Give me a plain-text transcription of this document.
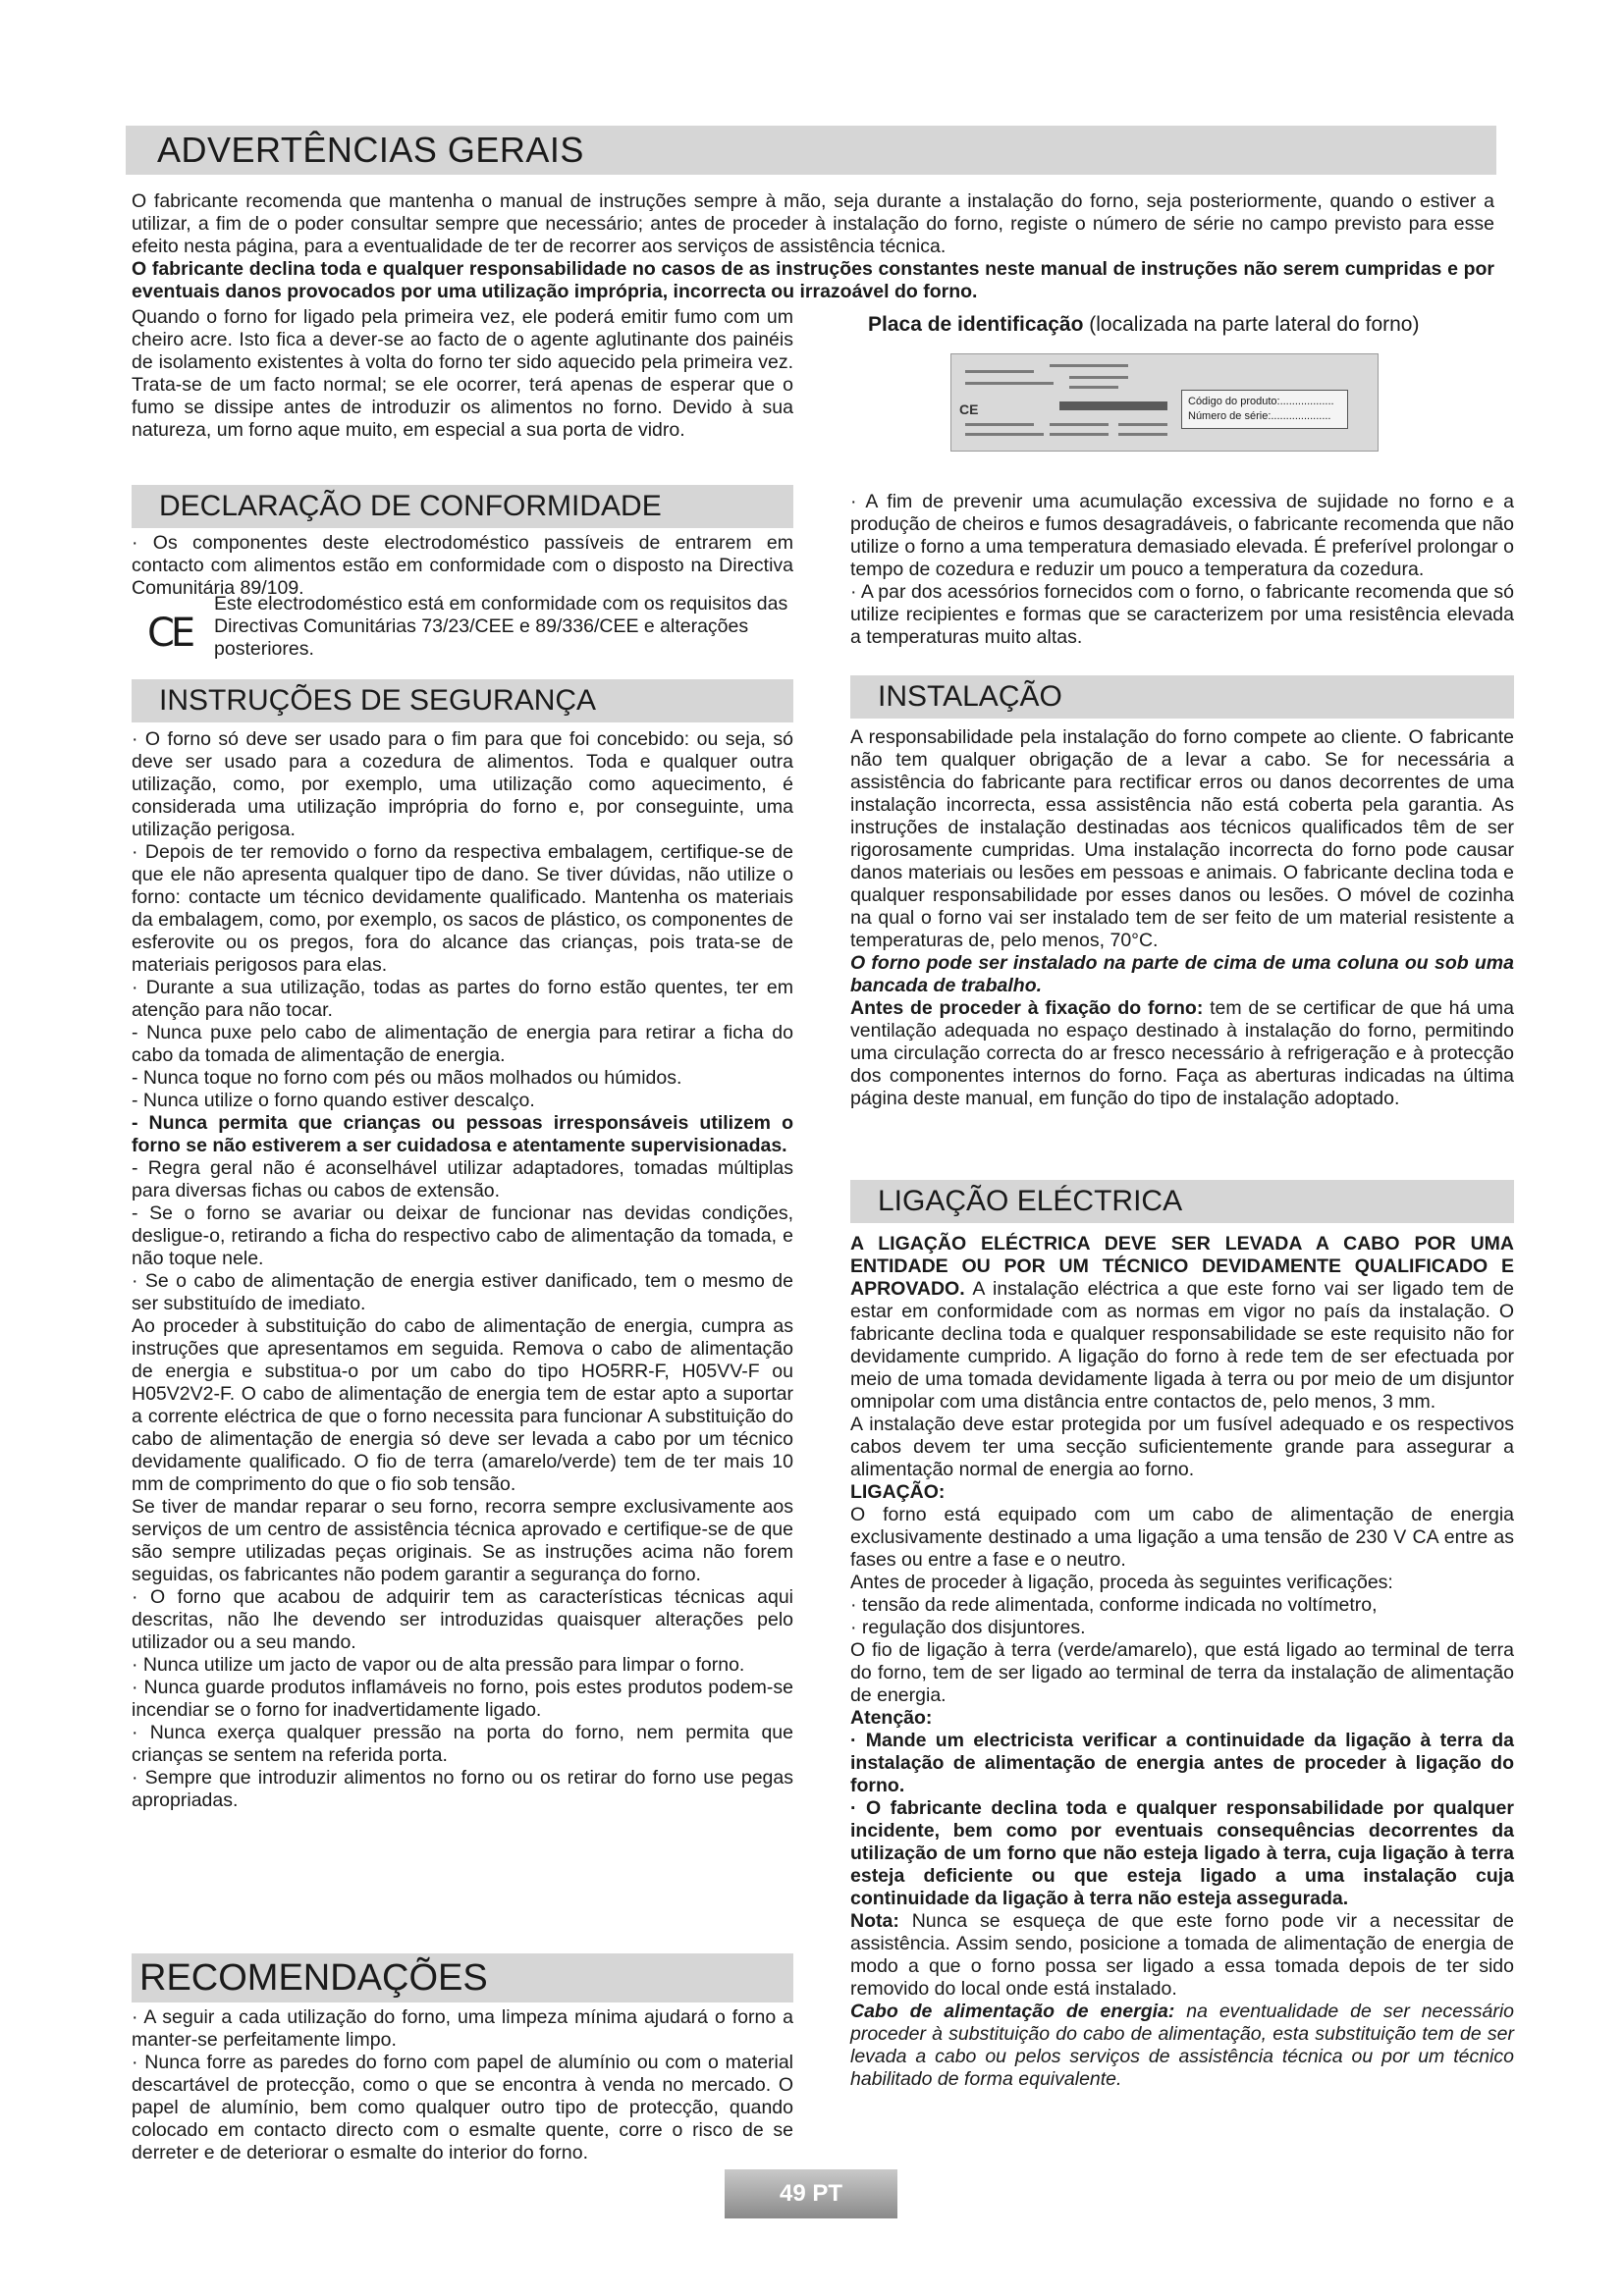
ADVERTÊNCIAS GERAIS

O fabricante recomenda que mantenha o manual de instruções sempre à mão, seja durante a instalação do forno, seja posteriormente, quando o estiver a utilizar, a fim de o poder consultar sempre que necessário; antes de proceder à instalação do forno, registe o número de série no campo previsto para esse efeito nesta página, para a eventualidade de ter de recorrer aos serviços de assistência técnica.

O fabricante declina toda e qualquer responsabilidade no casos de as instruções constantes neste manual de instruções não serem cumpridas e por eventuais danos provocados por uma utilização imprópria, incorrecta ou irrazoável do forno.

Quando o forno for ligado pela primeira vez, ele poderá emitir fumo com um cheiro acre. Isto fica a dever-se ao facto de o agente aglutinante dos painéis de isolamento existentes à volta do forno ter sido aquecido pela primeira vez. Trata-se de um facto normal; se ele ocorrer, terá apenas de esperar que o fumo se dissipe antes de introduzir os alimentos no forno. Devido à sua natureza, um forno aque muito, em especial a sua porta de vidro.

Placa de identificação (localizada na parte lateral do forno)
CE	Código do produto:..................
Número de série:....................
DECLARAÇÃO DE CONFORMIDADE

· Os componentes deste electrodoméstico passíveis de entrarem em contacto com alimentos estão em conformidade com o disposto na Directiva Comunitária 89/109.

CE

Este electrodoméstico está em conformidade com os requisitos das Directivas Comunitárias 73/23/CEE e 89/336/CEE e alterações posteriores.

INSTRUÇÕES DE SEGURANÇA

· O forno só deve ser usado para o fim para que foi concebido: ou seja, só deve ser usado para a cozedura de alimentos. Toda e qualquer outra utilização, como, por exemplo, uma utilização como aquecimento, é considerada uma utilização imprópria do forno e, por conseguinte, uma utilização perigosa.

· Depois de ter removido o forno da respectiva embalagem, certifique-se de que ele não apresenta qualquer tipo de dano. Se tiver dúvidas, não utilize o forno: contacte um técnico devidamente qualificado. Mantenha os materiais da embalagem, como, por exemplo, os sacos de plástico, os componentes de esferovite ou os pregos, fora do alcance das crianças, pois trata-se de materiais perigosos para elas.

· Durante a sua utilização, todas as partes do forno estão quentes, ter em atenção para não tocar.

- Nunca puxe pelo cabo de alimentação de energia para retirar a ficha do cabo da tomada de alimentação de energia.

- Nunca toque no forno com pés ou mãos molhados ou húmidos.

- Nunca utilize o forno quando estiver descalço.

- Nunca permita que crianças ou pessoas irresponsáveis utilizem o forno se não estiverem a ser cuidadosa e atentamente supervisionadas.

- Regra geral não é aconselhável utilizar adaptadores, tomadas múltiplas para diversas fichas ou cabos de extensão.

- Se o forno se avariar ou deixar de funcionar nas devidas condições, desligue-o, retirando a ficha do respectivo cabo de alimentação da tomada, e não toque nele.

· Se o cabo de alimentação de energia estiver danificado, tem o mesmo de ser substituído de imediato.

Ao proceder à substituição do cabo de alimentação de energia, cumpra as instruções que apresentamos em seguida. Remova o cabo de alimentação de energia e substitua-o por um cabo do tipo HO5RR-F, H05VV-F ou H05V2V2-F. O cabo de alimentação de energia tem de estar apto a suportar a corrente eléctrica de que o forno necessita para funcionar A substituição do cabo de alimentação de energia só deve ser levada a cabo por um técnico devidamente qualificado. O fio de terra (amarelo/verde) tem de ter mais 10 mm de comprimento do que o fio sob tensão.

Se tiver de mandar reparar o seu forno, recorra sempre exclusivamente aos serviços de um centro de assistência técnica aprovado e certifique-se de que são sempre utilizadas peças originais. Se as instruções acima não forem seguidas, os fabricantes não podem garantir a segurança do forno.

· O forno que acabou de adquirir tem as características técnicas aqui descritas, não lhe devendo ser introduzidas quaisquer alterações pelo utilizador ou a seu mando.

· Nunca utilize um jacto de vapor ou de alta pressão para limpar o forno.

· Nunca guarde produtos inflamáveis no forno, pois estes produtos podem-se incendiar se o forno for inadvertidamente ligado.

· Nunca exerça qualquer pressão na porta do forno, nem permita que crianças se sentem na referida porta.

· Sempre que introduzir alimentos no forno ou os retirar do forno use pegas apropriadas.

RECOMENDAÇÕES

· A seguir a cada utilização do forno, uma limpeza mínima ajudará o forno a manter-se perfeitamente limpo.

· Nunca forre as paredes do forno com papel de alumínio ou com o material descartável de protecção, como o que se encontra à venda no mercado. O papel de alumínio, bem como qualquer outro tipo de protecção, quando colocado em contacto directo com o esmalte quente, corre o risco de se derreter e de deteriorar o esmalte do interior do forno.

· A fim de prevenir uma acumulação excessiva de sujidade no forno e a produção de cheiros e fumos desagradáveis, o fabricante recomenda que não utilize o forno a uma temperatura demasiado elevada. É preferível prolongar o tempo de cozedura e reduzir um pouco a temperatura da cozedura.

· A par dos acessórios fornecidos com o forno, o fabricante recomenda que só utilize recipientes e formas que se caracterizem por uma resistência elevada a temperaturas muito altas.

INSTALAÇÃO

A responsabilidade pela instalação do forno compete ao cliente. O fabricante não tem qualquer obrigação de a levar a cabo. Se for necessária a assistência do fabricante para rectificar erros ou danos decorrentes de uma instalação incorrecta, essa assistência não está coberta pela garantia. As instruções de instalação destinadas aos técnicos qualificados têm de ser rigorosamente cumpridas. Uma instalação incorrecta do forno pode causar danos materiais ou lesões em pessoas e animais. O fabricante declina toda e qualquer responsabilidade por esses danos ou lesões. O móvel de cozinha na qual o forno vai ser instalado tem de ser feito de um material resistente a temperaturas de, pelo menos, 70°C.

O forno pode ser instalado na parte de cima de uma coluna ou sob uma bancada de trabalho.

Antes de proceder à fixação do forno: tem de se certificar de que há uma ventilação adequada no espaço destinado à instalação do forno, permitindo uma circulação correcta do ar fresco necessário à refrigeração e à protecção dos componentes internos do forno. Faça as aberturas indicadas na última página deste manual, em função do tipo de instalação adoptado.

LIGAÇÃO ELÉCTRICA

A LIGAÇÃO ELÉCTRICA DEVE SER LEVADA A CABO POR UMA ENTIDADE OU POR UM TÉCNICO DEVIDAMENTE QUALIFICADO E APROVADO. A instalação eléctrica a que este forno vai ser ligado tem de estar em conformidade com as normas em vigor no país da instalação. O fabricante declina toda e qualquer responsabilidade se este requisito não for devidamente cumprido. A ligação do forno à rede tem de ser efectuada por meio de uma tomada devidamente ligada à terra ou por meio de um disjuntor omnipolar com uma distância entre contactos de, pelo menos, 3 mm.

A instalação deve estar protegida por um fusível adequado e os respectivos cabos devem ter uma secção suficientemente grande para assegurar a alimentação normal de energia ao forno.

LIGAÇÃO:

O forno está equipado com um cabo de alimentação de energia exclusivamente destinado a uma ligação a uma tensão de 230 V CA entre as fases ou entre a fase e o neutro.

Antes de proceder à ligação, proceda às seguintes verificações:

· tensão da rede alimentada, conforme indicada no voltímetro,

· regulação dos disjuntores.

O fio de ligação à terra (verde/amarelo), que está ligado ao terminal de terra do forno, tem de ser ligado ao terminal de terra da instalação de alimentação de energia.

Atenção:

· Mande um electricista verificar a continuidade da ligação à terra da instalação de alimentação de energia antes de proceder à ligação do forno.

· O fabricante declina toda e qualquer responsabilidade por qualquer incidente, bem como por eventuais consequências decorrentes da utilização de um forno que não esteja ligado à terra, cuja ligação à terra esteja deficiente ou que esteja ligado a uma instalação cuja continuidade da ligação à terra não esteja assegurada.

Nota: Nunca se esqueça de que este forno pode vir a necessitar de assistência. Assim sendo, posicione a tomada de alimentação de energia de modo a que o forno possa ser ligado a essa tomada depois de ter sido removido do local onde está instalado.

Cabo de alimentação de energia: na eventualidade de ser necessário proceder à substituição do cabo de alimentação, esta substituição tem de ser levada a cabo ou pelos serviços de assistência técnica ou por um técnico habilitado de forma equivalente.

49 PT
